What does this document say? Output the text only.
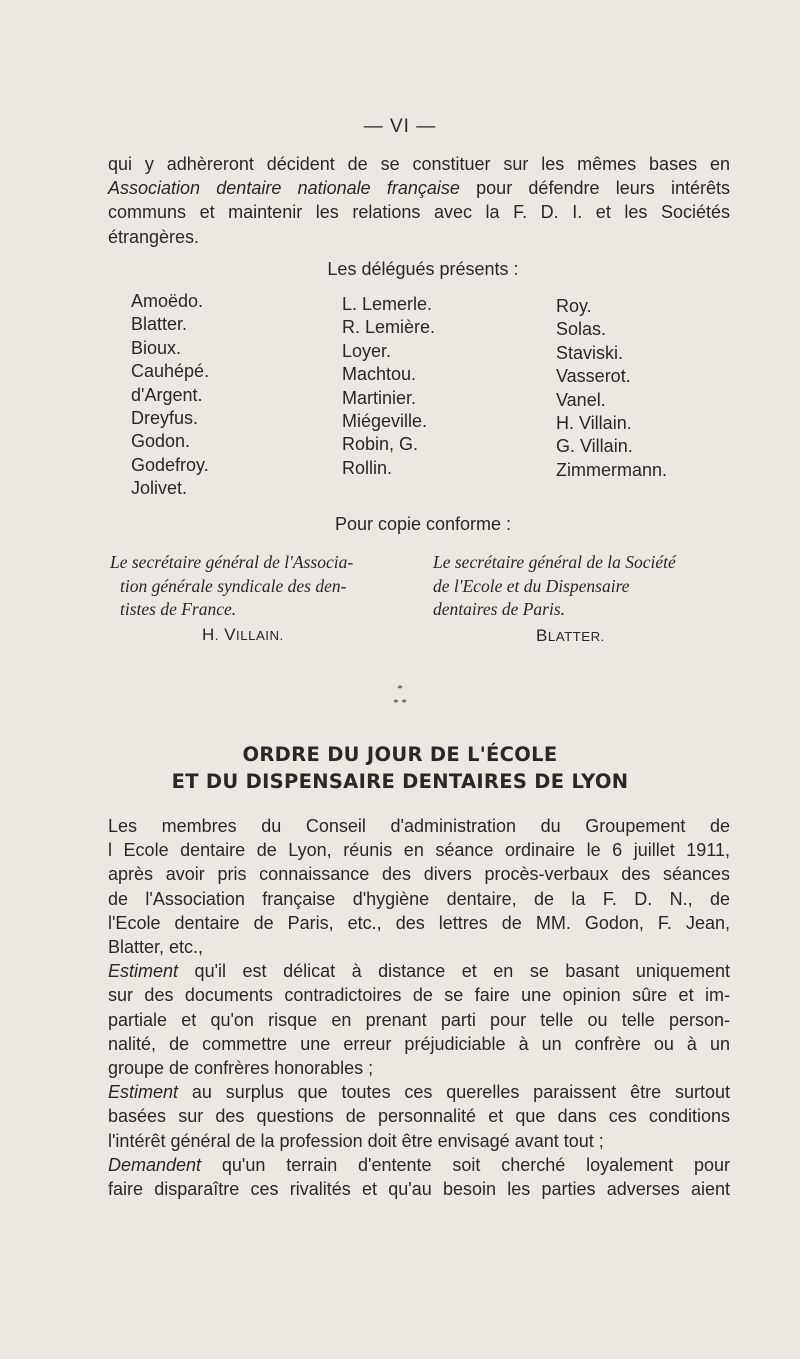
— VI —
qui y adhèreront décident de se constituer sur les mêmes bases en
Association dentaire nationale française pour défendre leurs intérêts
communs et maintenir les relations avec la F. D. I. et les Sociétés
étrangères.
Les délégués présents :
Amoëdo.
Blatter.
Bioux.
Cauhépé.
d'Argent.
Dreyfus.
Godon.
Godefroy.
Jolivet.
L. Lemerle.
R. Lemière.
Loyer.
Machtou.
Martinier.
Miégeville.
Robin, G.
Rollin.
Roy.
Solas.
Staviski.
Vasserot.
Vanel.
H. Villain.
G. Villain.
Zimmermann.
Pour copie conforme :
Le secrétaire général de l'Associa-
tion générale syndicale des den-
tistes de France.
H. VILLAIN.
Le secrétaire général de la Société
de l'Ecole et du Dispensaire
dentaires de Paris.
BLATTER.
*
* *
ORDRE DU JOUR DE L'ÉCOLE
ET DU DISPENSAIRE DENTAIRES DE LYON
Les membres du Conseil d'administration du Groupement de
l Ecole dentaire de Lyon, réunis en séance ordinaire le 6 juillet 1911,
après avoir pris connaissance des divers procès-verbaux des séances
de l'Association française d'hygiène dentaire, de la F. D. N., de
l'Ecole dentaire de Paris, etc., des lettres de MM. Godon, F. Jean,
Blatter, etc.,
Estiment qu'il est délicat à distance et en se basant uniquement
sur des documents contradictoires de se faire une opinion sûre et im-
partiale et qu'on risque en prenant parti pour telle ou telle person-
nalité, de commettre une erreur préjudiciable à un confrère ou à un
groupe de confrères honorables ;
Estiment au surplus que toutes ces querelles paraissent être surtout
basées sur des questions de personnalité et que dans ces conditions
l'intérêt général de la profession doit être envisagé avant tout ;
Demandent qu'un terrain d'entente soit cherché loyalement pour
faire disparaître ces rivalités et qu'au besoin les parties adverses aient
